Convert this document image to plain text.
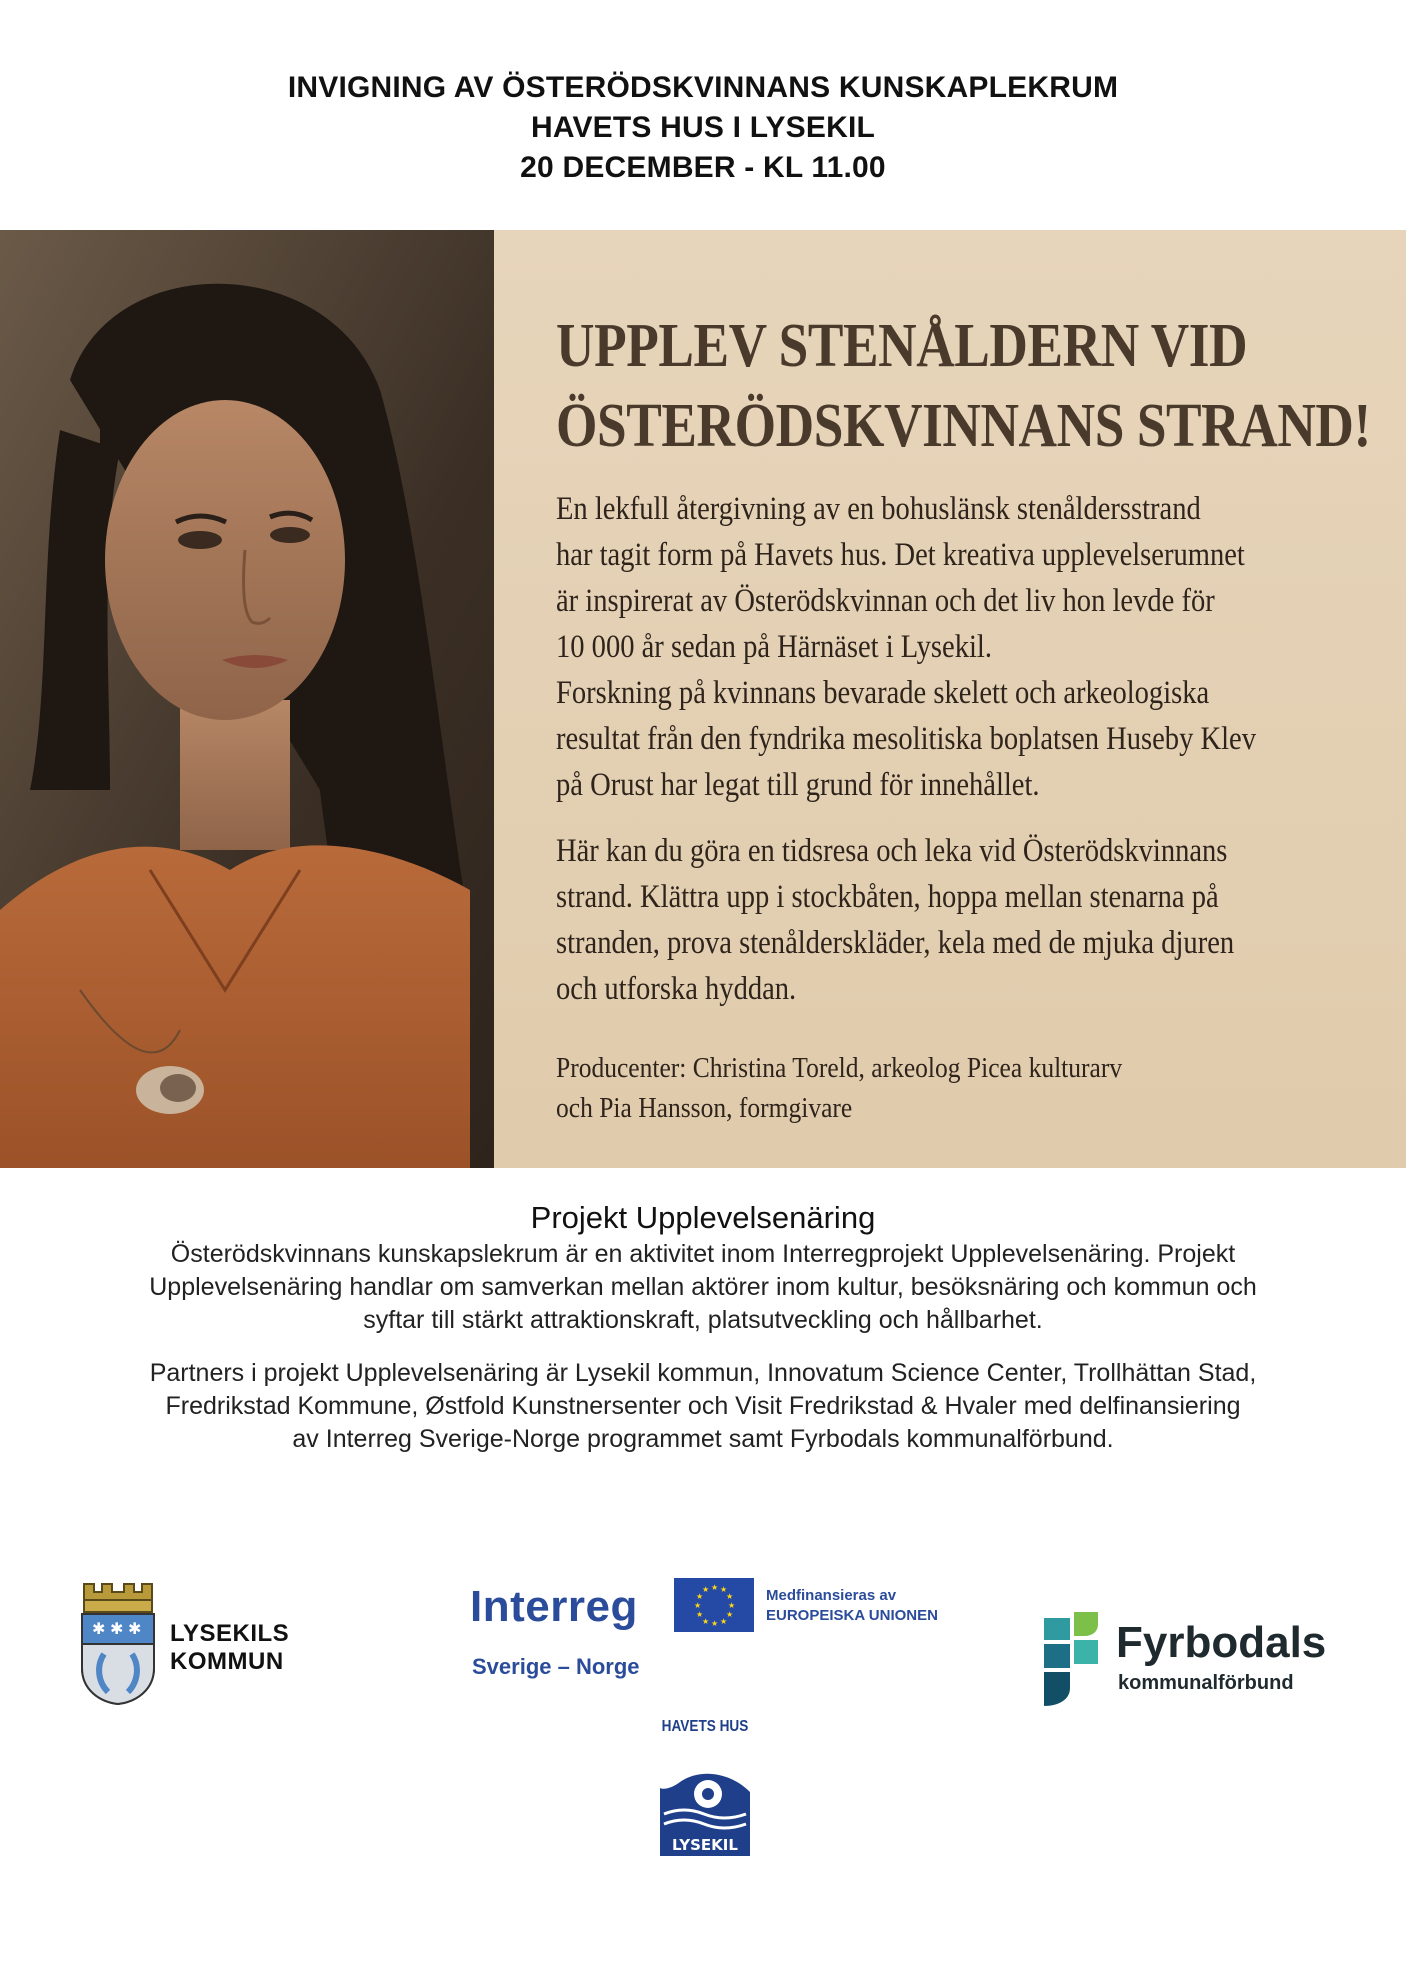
INVIGNING AV ÖSTERÖDSKVINNANS KUNSKAPLEKRUM
HAVETS HUS I LYSEKIL
20 DECEMBER - KL 11.00
UPPLEV STENÅLDERN VID
ÖSTERÖDSKVINNANS STRAND!

En lekfull återgivning av en bohuslänsk stenåldersstrand

har tagit form på Havets hus. Det kreativa upplevelserumnet

är inspirerat av Österödskvinnan och det liv hon levde för

10 000 år sedan på Härnäset i Lysekil.

Forskning på kvinnans bevarade skelett och arkeologiska

resultat från den fyndrika mesolitiska boplatsen Huseby Klev

på Orust har legat till grund för innehållet.

Här kan du göra en tidsresa och leka vid Österödskvinnans

strand. Klättra upp i stockbåten, hoppa mellan stenarna på

stranden, prova stenålderskläder, kela med de mjuka djuren

och utforska hyddan.

Producenter: Christina Toreld, arkeolog Picea kulturarv

och Pia Hansson, formgivare

Projekt Upplevelsenäring

Österödskvinnans kunskapslekrum är en aktivitet inom Interregprojekt Upplevelsenäring. Projekt

Upplevelsenäring handlar om samverkan mellan aktörer inom kultur, besöksnäring och kommun och

syftar till stärkt attraktionskraft, platsutveckling och hållbarhet.

Partners i projekt Upplevelsenäring är Lysekil kommun, Innovatum Science Center, Trollhättan Stad,

Fredrikstad Kommune, Østfold Kunstnersenter och Visit Fredrikstad & Hvaler med delfinansiering

av Interreg Sverige-Norge programmet samt Fyrbodals kommunalförbund.

✱ ✱ ✱ LYSEKILS
KOMMUN
Interreg
Sverige – Norge
★ ★
★
★
★
★
★
★
★
★
★
★	Medfinansieras av
EUROPEISKA UNIONEN
Fyrbodals
kommunalförbund
HAVETS HUS
LYSEKIL
